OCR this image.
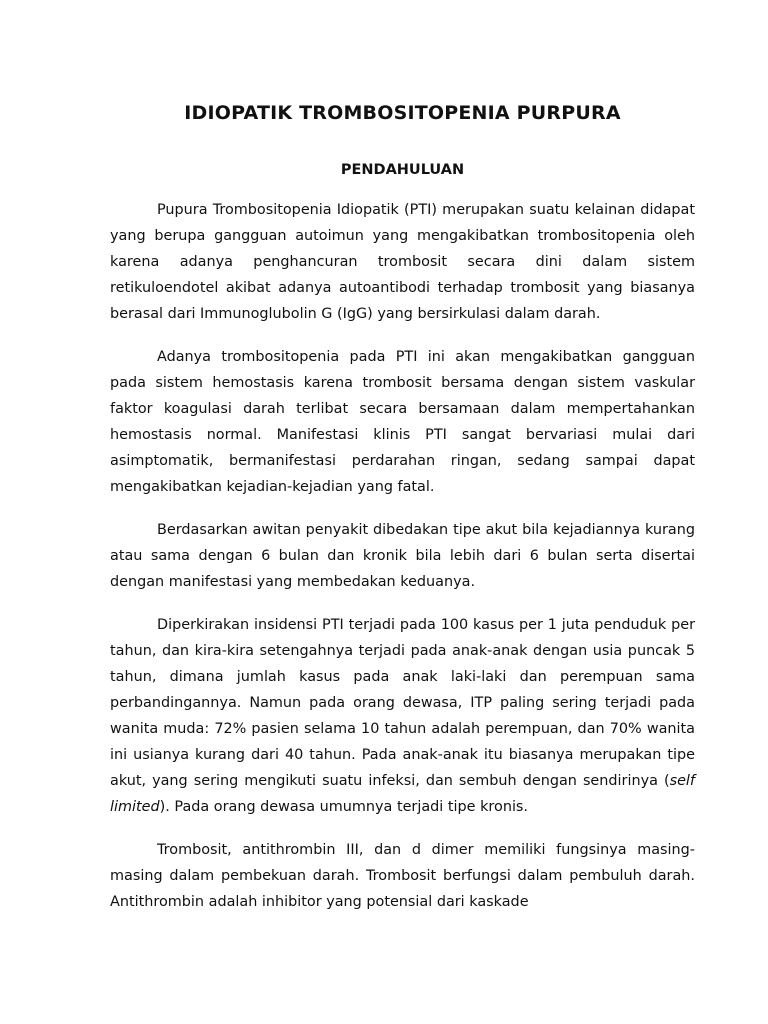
IDIOPATIK TROMBOSITOPENIA PURPURA
PENDAHULUAN

Pupura Trombositopenia Idiopatik (PTI) merupakan suatu kelainan didapat yang berupa gangguan autoimun yang mengakibatkan trombositopenia oleh karena adanya penghancuran trombosit secara dini dalam sistem retikuloendotel akibat adanya autoantibodi terhadap trombosit yang biasanya berasal dari Immunoglubolin G (IgG) yang bersirkulasi dalam darah.

Adanya trombositopenia pada PTI ini akan mengakibatkan gangguan pada sistem hemostasis karena trombosit bersama dengan sistem vaskular faktor koagulasi darah terlibat secara bersamaan dalam mempertahankan hemostasis normal. Manifestasi klinis PTI sangat bervariasi mulai dari asimptomatik, bermanifestasi perdarahan ringan, sedang sampai dapat mengakibatkan kejadian-kejadian yang fatal.

Berdasarkan awitan penyakit dibedakan tipe akut bila kejadiannya kurang atau sama dengan 6 bulan dan kronik bila lebih dari 6 bulan serta disertai dengan manifestasi yang membedakan keduanya.

Diperkirakan insidensi PTI terjadi pada 100 kasus per 1 juta penduduk per tahun, dan kira-kira setengahnya terjadi pada anak-anak dengan usia puncak 5 tahun, dimana jumlah kasus pada anak laki-laki dan perempuan sama perbandingannya. Namun pada orang dewasa, ITP paling sering terjadi pada wanita muda: 72% pasien selama 10 tahun adalah perempuan, dan 70% wanita ini usianya kurang dari 40 tahun. Pada anak-anak itu biasanya merupakan tipe akut, yang sering mengikuti suatu infeksi, dan sembuh dengan sendirinya (self limited). Pada orang dewasa umumnya terjadi tipe kronis.

Trombosit, antithrombin III, dan d dimer memiliki fungsinya masing-masing dalam pembekuan darah. Trombosit berfungsi dalam pembuluh darah. Antithrombin adalah inhibitor yang potensial dari kaskade
